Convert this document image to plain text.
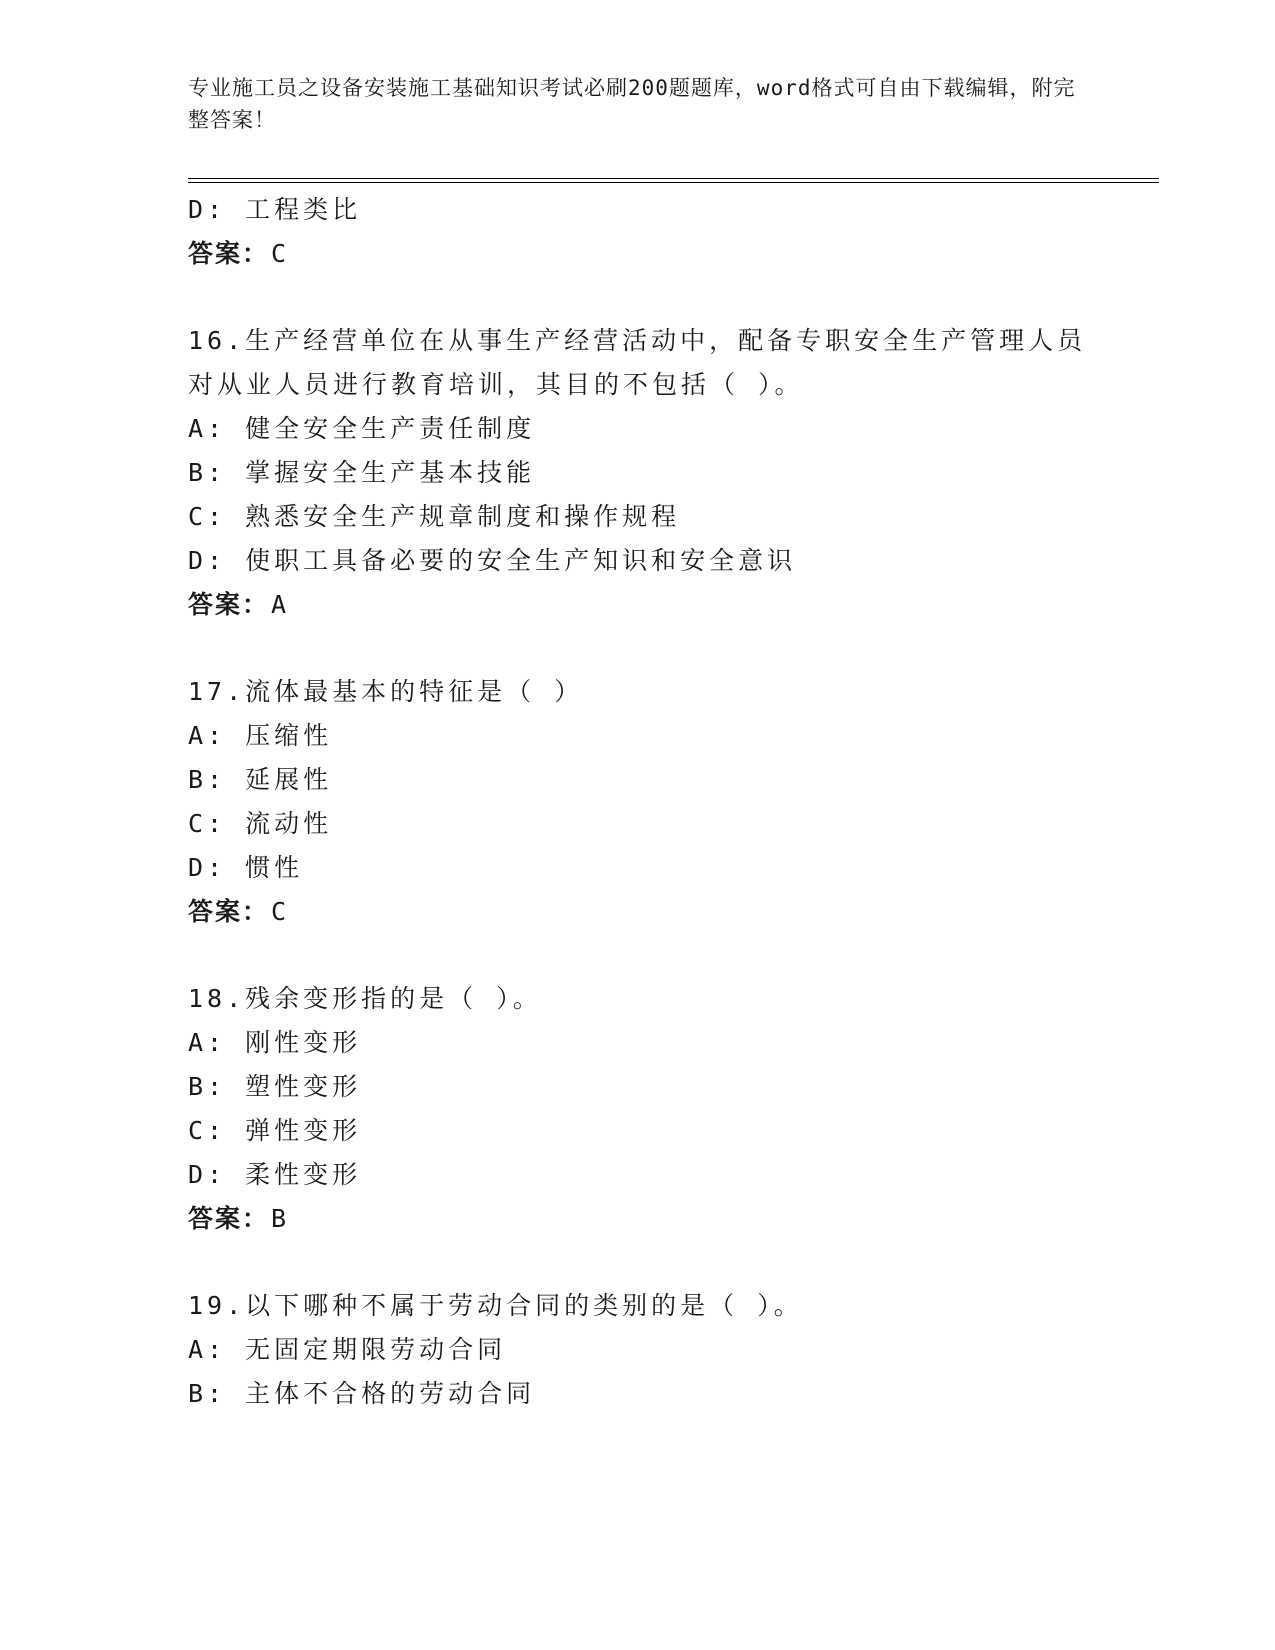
专业施工员之设备安装施工基础知识考试必刷200题题库，word格式可自由下载编辑，附完整答案！
D: 工程类比
答案：C
16.生产经营单位在从事生产经营活动中，配备专职安全生产管理人员
对从业人员进行教育培训，其目的不包括（ ）。
A: 健全安全生产责任制度
B: 掌握安全生产基本技能
C: 熟悉安全生产规章制度和操作规程
D: 使职工具备必要的安全生产知识和安全意识
答案：A
17.流体最基本的特征是（ ）
A: 压缩性
B: 延展性
C: 流动性
D: 惯性
答案：C
18.残余变形指的是（ ）。
A: 刚性变形
B: 塑性变形
C: 弹性变形
D: 柔性变形
答案：B
19.以下哪种不属于劳动合同的类别的是（ ）。
A: 无固定期限劳动合同
B: 主体不合格的劳动合同
